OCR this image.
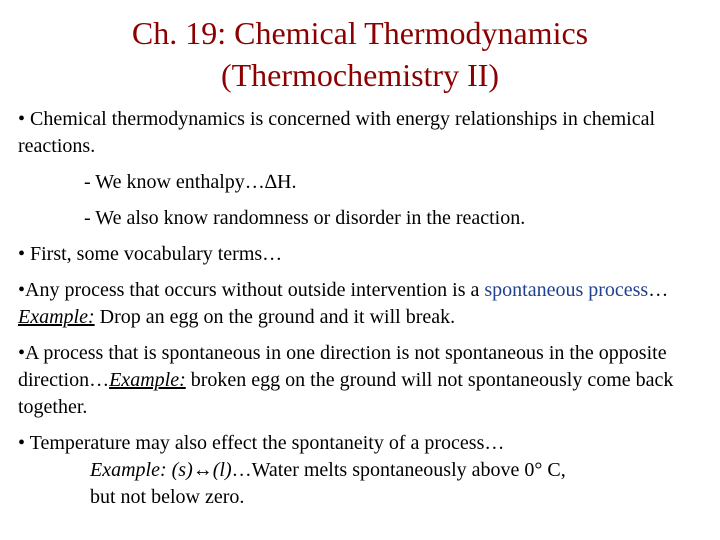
Ch. 19: Chemical Thermodynamics
(Thermochemistry II)

• Chemical thermodynamics is concerned with energy relationships in chemical reactions.

- We know enthalpy…∆H.

- We also know randomness or disorder in the reaction.

• First, some vocabulary terms…

•Any process that occurs without outside intervention is a spontaneous process…Example: Drop an egg on the ground and it will break.

•A process that is spontaneous in one direction is not spontaneous in the opposite direction…Example: broken egg on the ground will not spontaneously come back together.

• Temperature may also effect the spontaneity of a process…

Example: (s)↔(l)…Water melts spontaneously above 0° C,

but not below zero.
